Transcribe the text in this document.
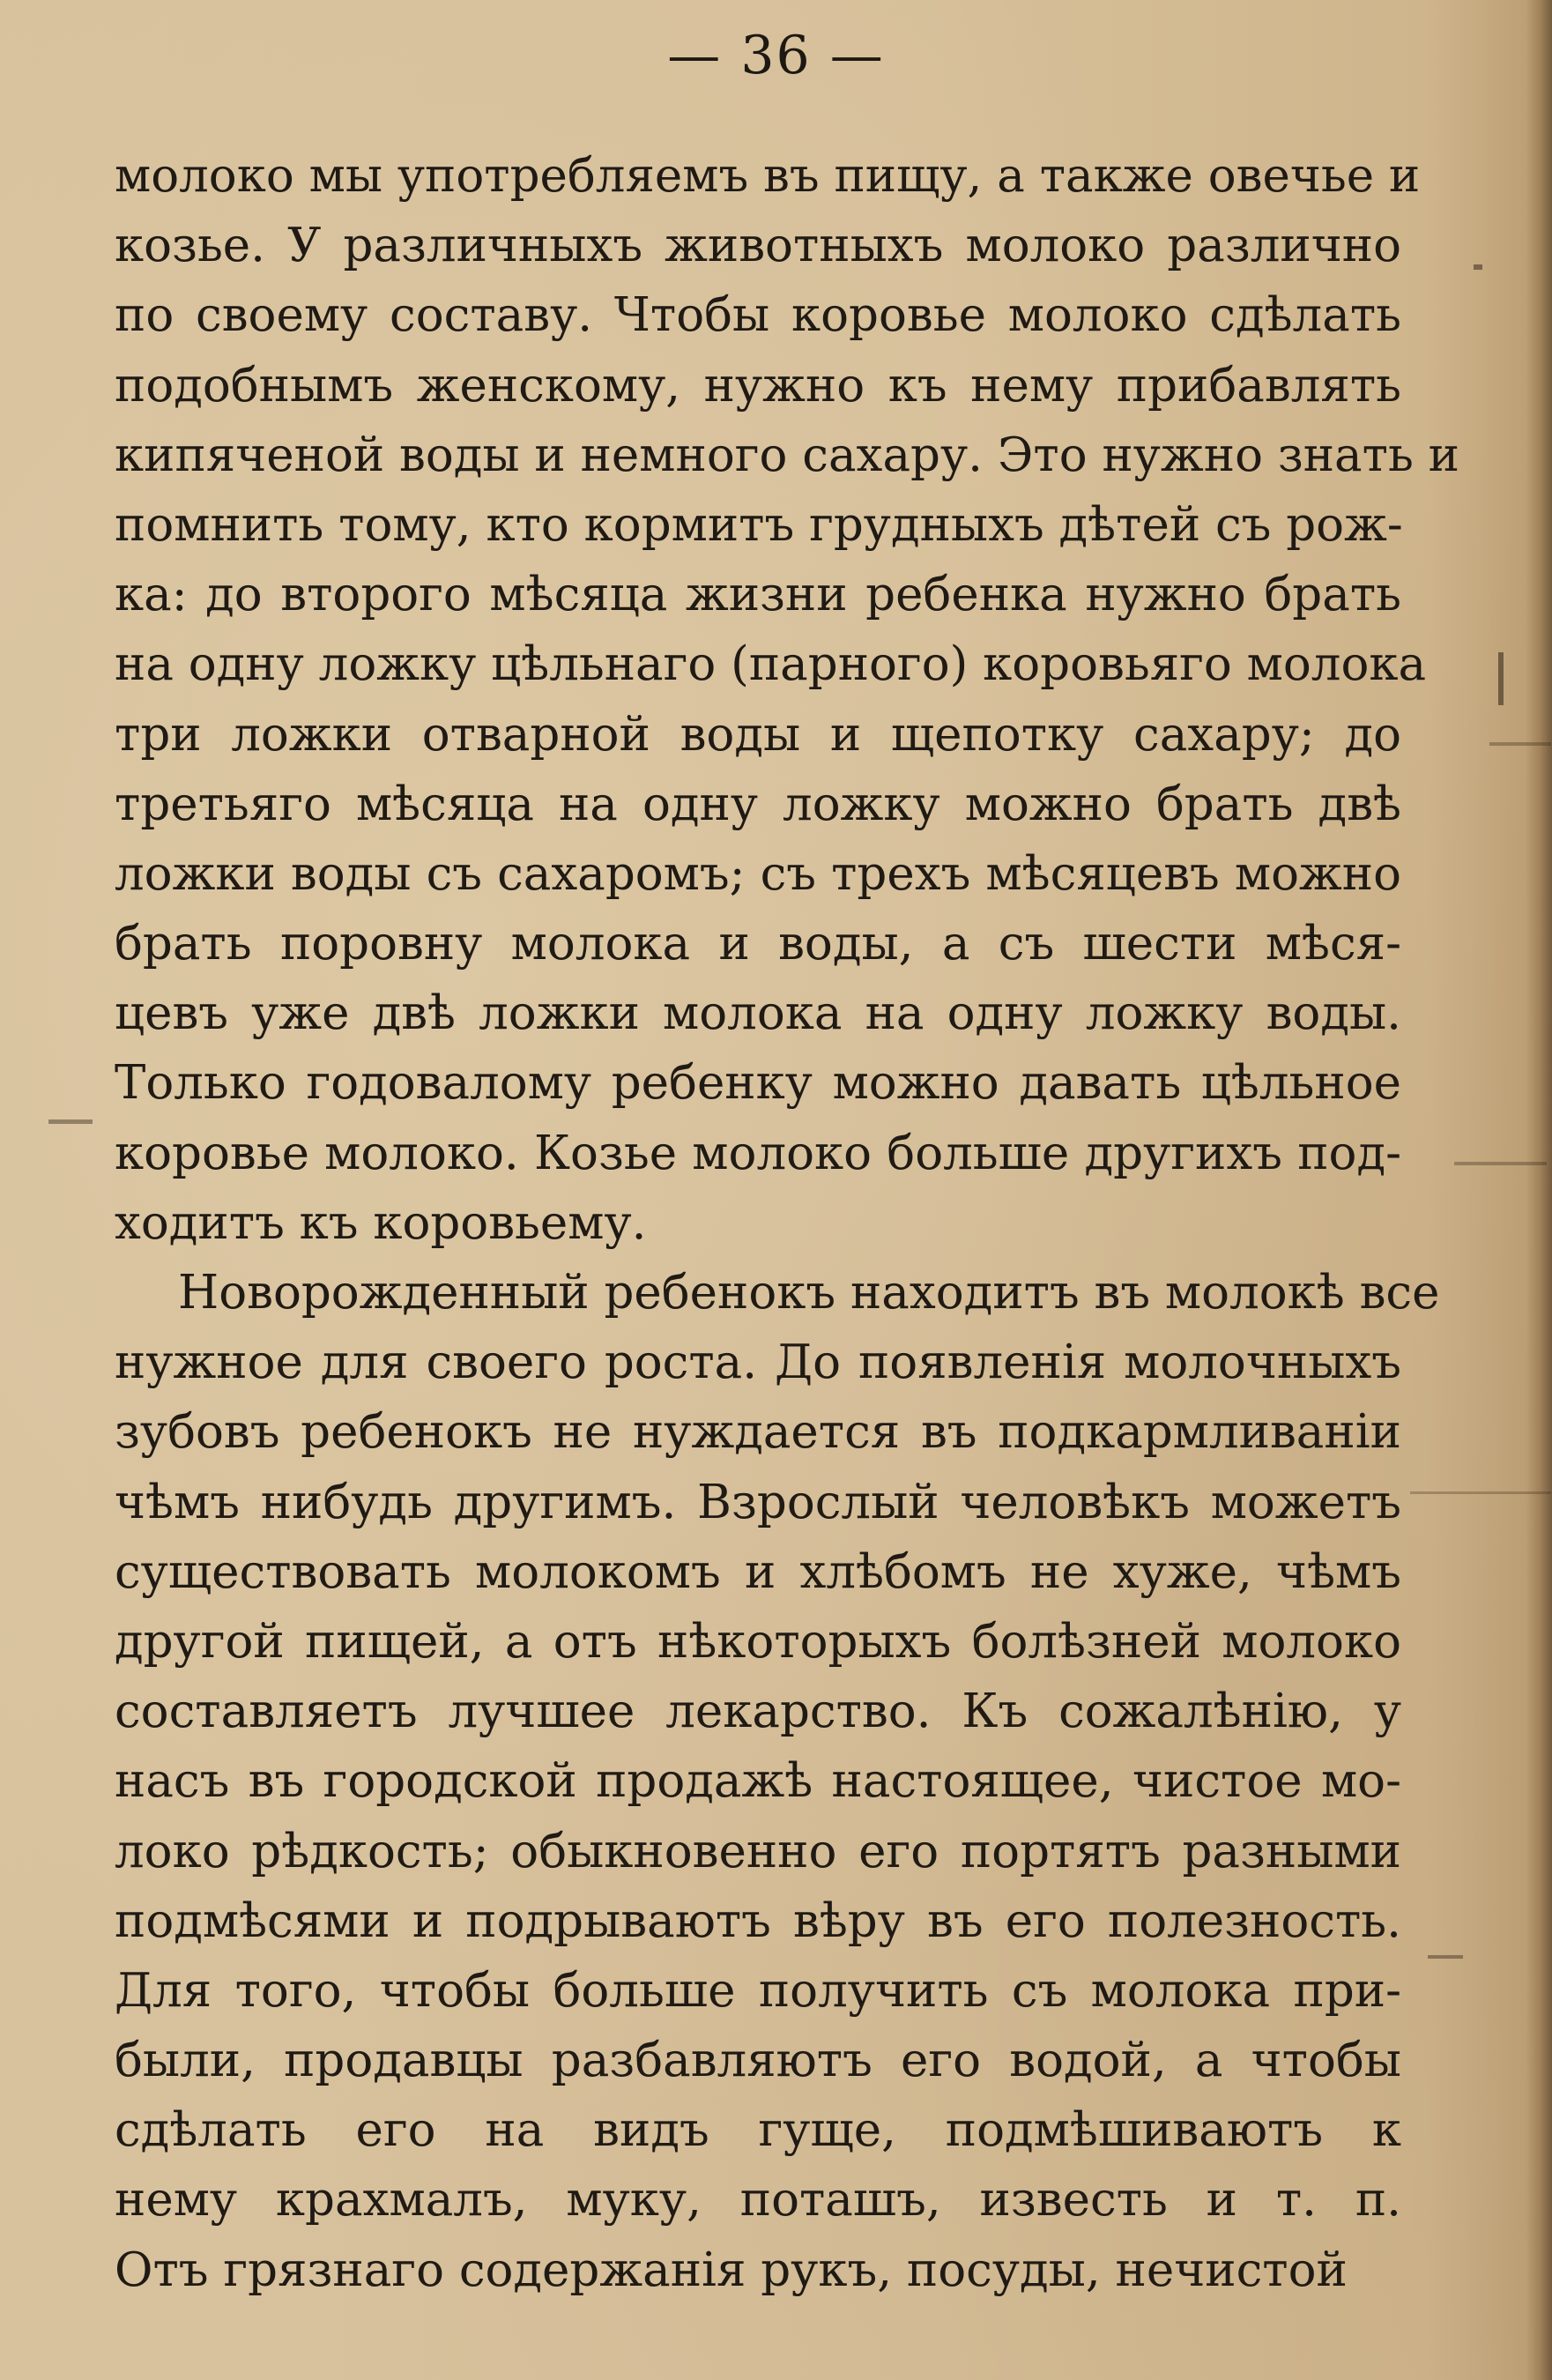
— 36 —
молоко мы употребляемъ въ пищу, а также овечье и
козье. У различныхъ животныхъ молоко различно
по своему составу. Чтобы коровье молоко сдѣлать
подобнымъ женскому, нужно къ нему прибавлять
кипяченой воды и немного сахару. Это нужно знать и
помнить тому, кто кормитъ грудныхъ дѣтей съ рож-
ка: до второго мѣсяца жизни ребенка нужно брать
на одну ложку цѣльнаго (парного) коровьяго молока
три ложки отварной воды и щепотку сахару; до
третьяго мѣсяца на одну ложку можно брать двѣ
ложки воды съ сахаромъ; съ трехъ мѣсяцевъ можно
брать поровну молока и воды, а съ шести мѣся-
цевъ уже двѣ ложки молока на одну ложку воды.
Только годовалому ребенку можно давать цѣльное
коровье молоко. Козье молоко больше другихъ под-
ходитъ къ коровьему.
Новорожденный ребенокъ находитъ въ молокѣ все
нужное для своего роста. До появленія молочныхъ
зубовъ ребенокъ не нуждается въ подкармливаніи
чѣмъ нибудь другимъ. Взрослый человѣкъ можетъ
существовать молокомъ и хлѣбомъ не хуже, чѣмъ
другой пищей, а отъ нѣкоторыхъ болѣзней молоко
составляетъ лучшее лекарство. Къ сожалѣнію, у
насъ въ городской продажѣ настоящее, чистое мо-
локо рѣдкость; обыкновенно его портятъ разными
подмѣсями и подрываютъ вѣру въ его полезность.
Для того, чтобы больше получить съ молока при-
были, продавцы разбавляютъ его водой, а чтобы
сдѣлать его на видъ гуще, подмѣшиваютъ к
нему крахмалъ, муку, поташъ, известь и т. п.
Отъ грязнаго содержанія рукъ, посуды, нечистой
